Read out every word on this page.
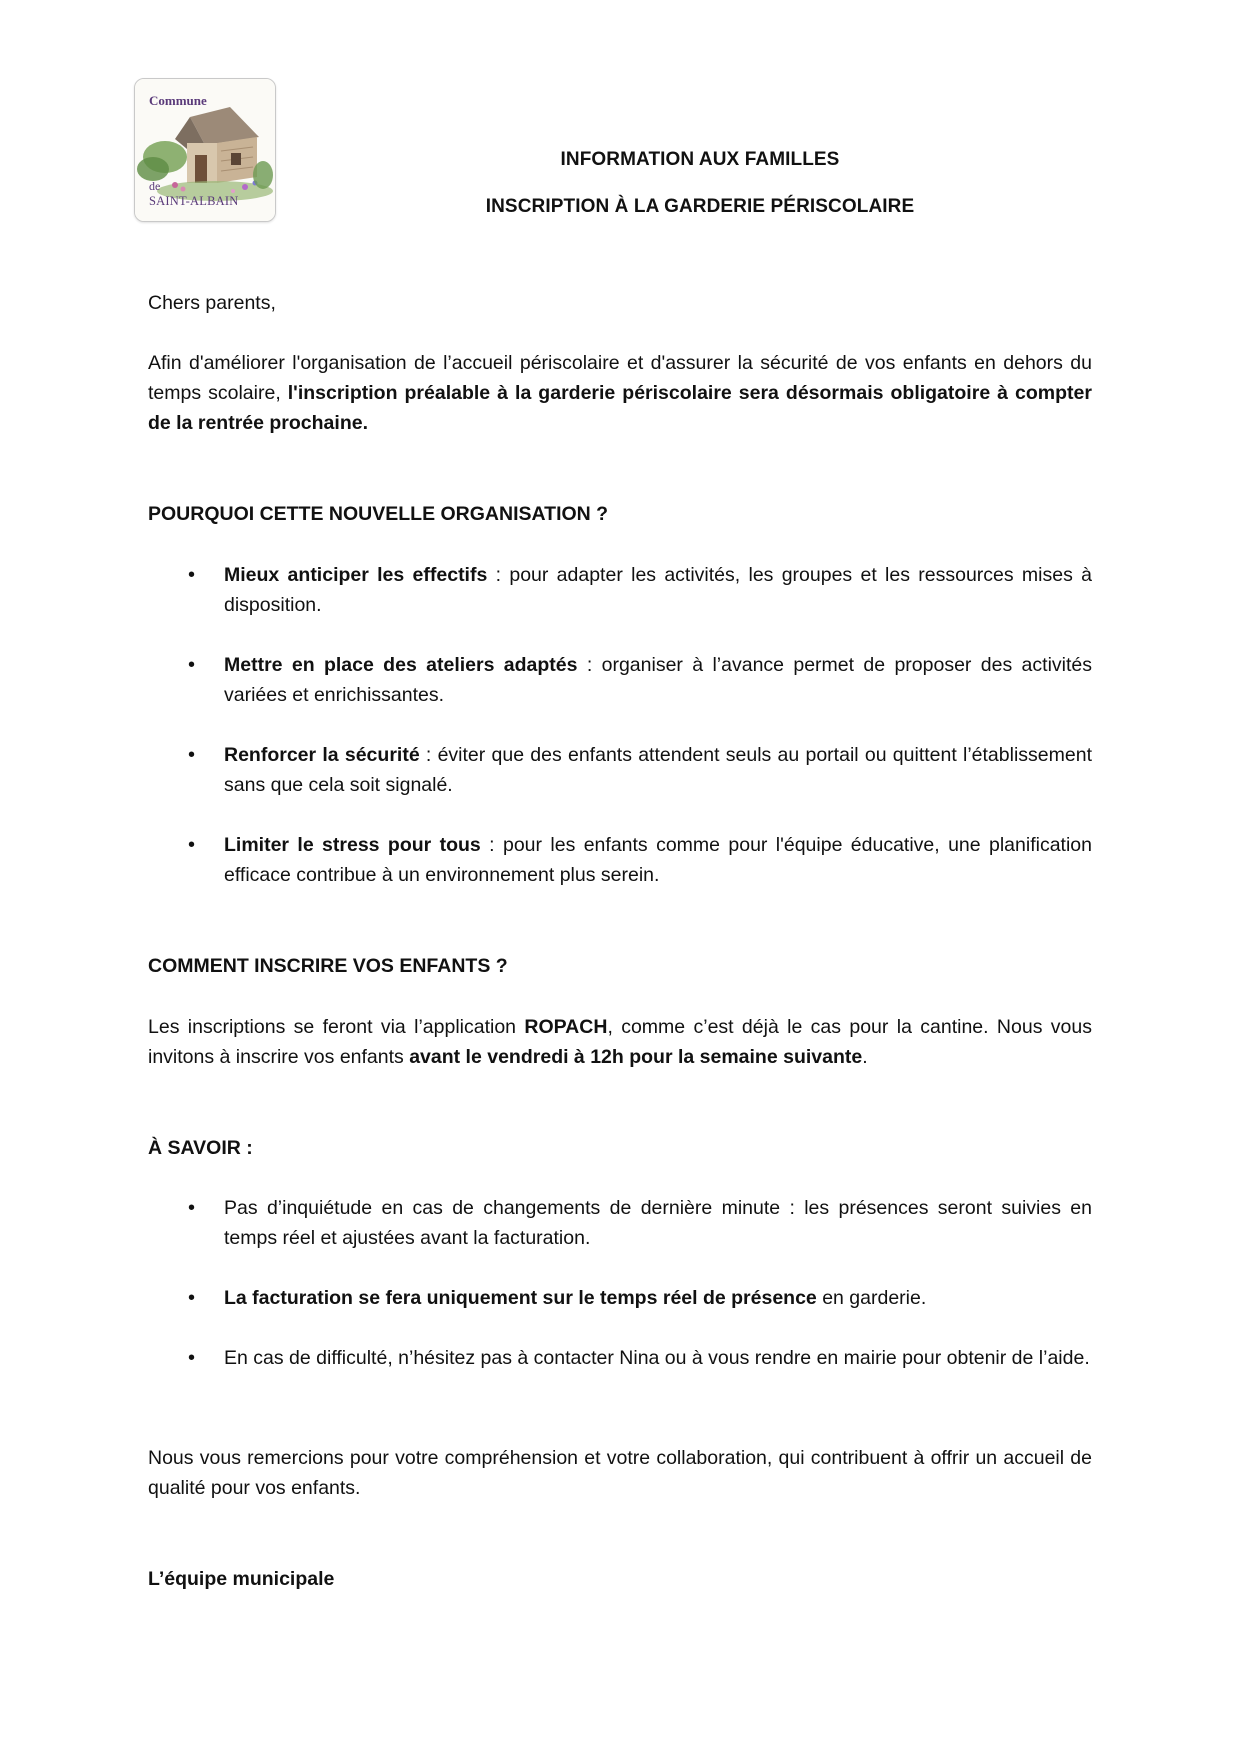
Commune
de
SAINT-ALBAIN
INFORMATION AUX FAMILLES
INSCRIPTION À LA GARDERIE PÉRISCOLAIRE
Chers parents,
Afin d'améliorer l'organisation de l’accueil périscolaire et d'assurer la sécurité de vos enfants en dehors du temps scolaire, l'inscription préalable à la garderie périscolaire sera désormais obligatoire à compter de la rentrée prochaine.
POURQUOI CETTE NOUVELLE ORGANISATION ?
• Mieux anticiper les effectifs : pour adapter les activités, les groupes et les ressources mises à disposition.
• Mettre en place des ateliers adaptés : organiser à l’avance permet de proposer des activités variées et enrichissantes.
• Renforcer la sécurité : éviter que des enfants attendent seuls au portail ou quittent l’établissement sans que cela soit signalé.
• Limiter le stress pour tous : pour les enfants comme pour l'équipe éducative, une planification efficace contribue à un environnement plus serein.
COMMENT INSCRIRE VOS ENFANTS ?
Les inscriptions se feront via l’application ROPACH, comme c’est déjà le cas pour la cantine. Nous vous invitons à inscrire vos enfants avant le vendredi à 12h pour la semaine suivante.
À SAVOIR :
• Pas d’inquiétude en cas de changements de dernière minute : les présences seront suivies en temps réel et ajustées avant la facturation.
• La facturation se fera uniquement sur le temps réel de présence en garderie.
• En cas de difficulté, n’hésitez pas à contacter Nina ou à vous rendre en mairie pour obtenir de l’aide.
Nous vous remercions pour votre compréhension et votre collaboration, qui contribuent à offrir un accueil de qualité pour vos enfants.
L’équipe municipale
